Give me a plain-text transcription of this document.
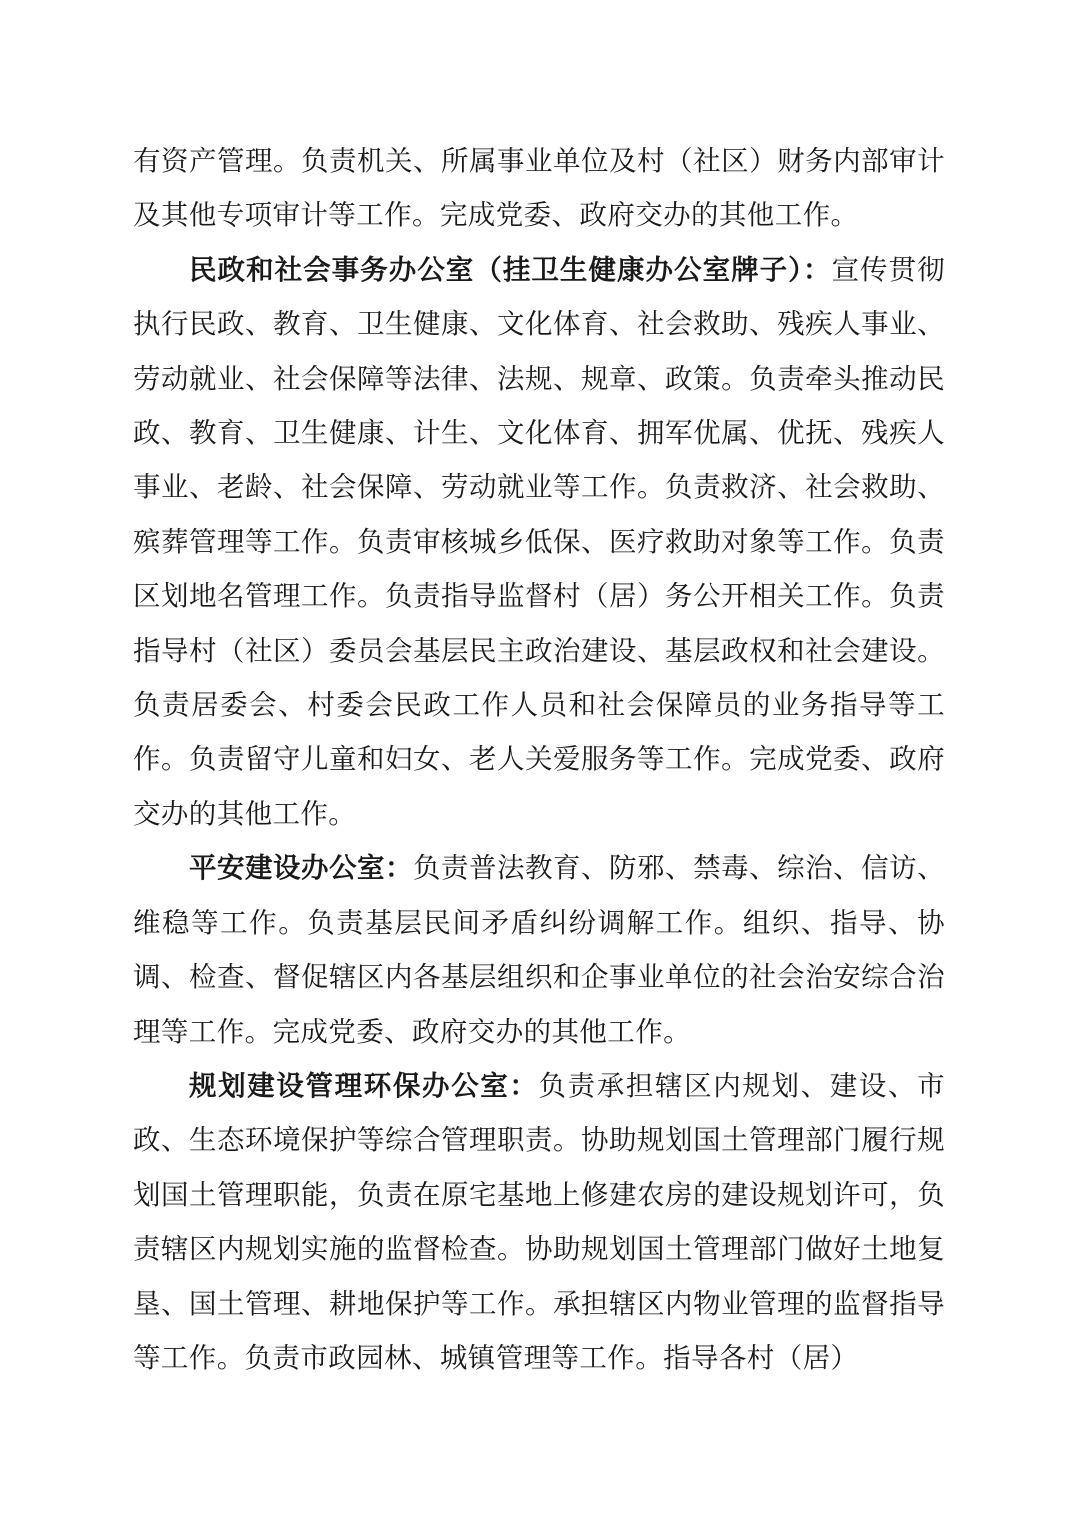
有资产管理。负责机关、所属事业单位及村（社区）财务内部审计及其他专项审计等工作。完成党委、政府交办的其他工作。

民政和社会事务办公室（挂卫生健康办公室牌子）：宣传贯彻执行民政、教育、卫生健康、文化体育、社会救助、残疾人事业、劳动就业、社会保障等法律、法规、规章、政策。负责牵头推动民政、教育、卫生健康、计生、文化体育、拥军优属、优抚、残疾人事业、老龄、社会保障、劳动就业等工作。负责救济、社会救助、殡葬管理等工作。负责审核城乡低保、医疗救助对象等工作。负责区划地名管理工作。负责指导监督村（居）务公开相关工作。负责指导村（社区）委员会基层民主政治建设、基层政权和社会建设。负责居委会、村委会民政工作人员和社会保障员的业务指导等工作。负责留守儿童和妇女、老人关爱服务等工作。完成党委、政府交办的其他工作。

平安建设办公室：负责普法教育、防邪、禁毒、综治、信访、维稳等工作。负责基层民间矛盾纠纷调解工作。组织、指导、协调、检查、督促辖区内各基层组织和企事业单位的社会治安综合治理等工作。完成党委、政府交办的其他工作。

规划建设管理环保办公室：负责承担辖区内规划、建设、市政、生态环境保护等综合管理职责。协助规划国土管理部门履行规划国土管理职能，负责在原宅基地上修建农房的建设规划许可，负责辖区内规划实施的监督检查。协助规划国土管理部门做好土地复垦、国土管理、耕地保护等工作。承担辖区内物业管理的监督指导等工作。负责市政园林、城镇管理等工作。指导各村（居）
